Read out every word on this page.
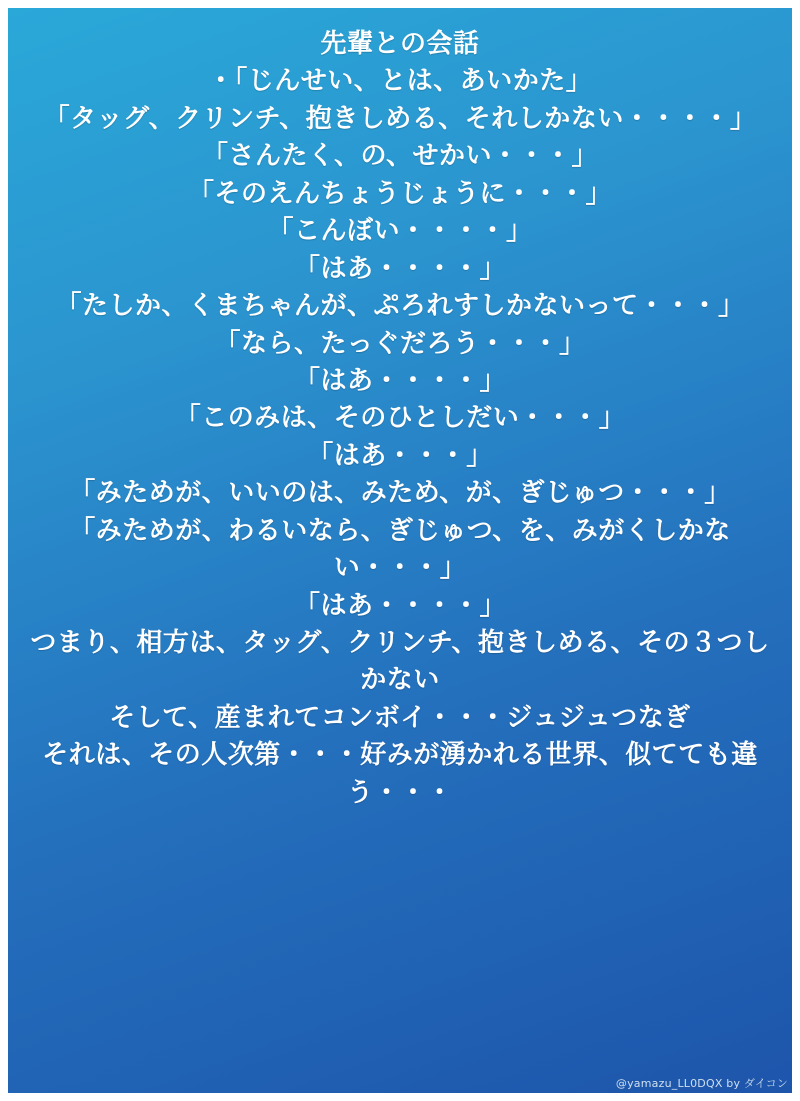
先輩との会話
・「じんせい、とは、あいかた」
「タッグ、クリンチ、抱きしめる、それしかない・・・・」
「さんたく、の、せかい・・・」
「そのえんちょうじょうに・・・」
「こんぼい・・・・」
「はあ・・・・」
「たしか、くまちゃんが、ぷろれすしかないって・・・」
「なら、たっぐだろう・・・」
「はあ・・・・」
「このみは、そのひとしだい・・・」
「はあ・・・」
「みためが、いいのは、みため、が、ぎじゅつ・・・」
「みためが、わるいなら、ぎじゅつ、を、みがくしかない・・・」
「はあ・・・・」
つまり、相方は、タッグ、クリンチ、抱きしめる、その３つしかない
そして、産まれてコンボイ・・・ジュジュつなぎ
それは、その人次第・・・好みが湧かれる世界、似てても違う・・・
@yamazu_LL0DQX by ダイコン
